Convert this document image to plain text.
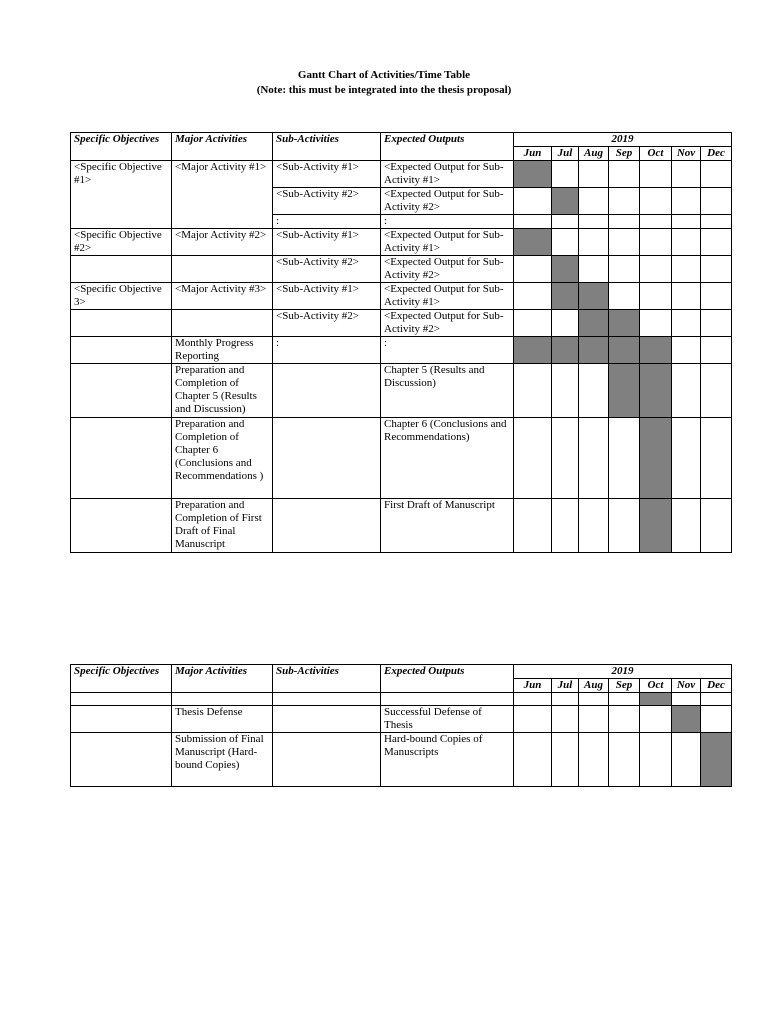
Gantt Chart of Activities/Time Table
(Note: this must be integrated into the thesis proposal)
Specific Objectives	Major Activities	Sub-Activities	Expected Outputs	2019						
				Jun	Jul	Aug	Sep	Oct	Nov	Dec
<Specific Objective #1>	<Major Activity #1>	<Sub-Activity #1>	<Expected Output for Sub-Activity #1>							
		<Sub-Activity #2>	<Expected Output for Sub-Activity #2>							
		:	:							
<Specific Objective #2>	<Major Activity #2>	<Sub-Activity #1>	<Expected Output for Sub-Activity #1>							
		<Sub-Activity #2>	<Expected Output for Sub-Activity #2>							
<Specific Objective 3>	<Major Activity #3>	<Sub-Activity #1>	<Expected Output for Sub-Activity #1>							
		<Sub-Activity #2>	<Expected Output for Sub-Activity #2>							
	Monthly Progress Reporting	:	:							
	Preparation and Completion of Chapter 5 (Results and Discussion)		Chapter 5 (Results and Discussion)							
	Preparation and Completion of Chapter 6 (Conclusions and Recommendations )		Chapter 6 (Conclusions and Recommendations)							
	Preparation and Completion of First Draft of Final Manuscript		First Draft of Manuscript							
Specific Objectives	Major Activities	Sub-Activities	Expected Outputs	2019						
				Jun	Jul	Aug	Sep	Oct	Nov	Dec

	Thesis Defense		Successful Defense of Thesis							
	Submission of Final Manuscript (Hard-bound Copies)		Hard-bound Copies of Manuscripts							
